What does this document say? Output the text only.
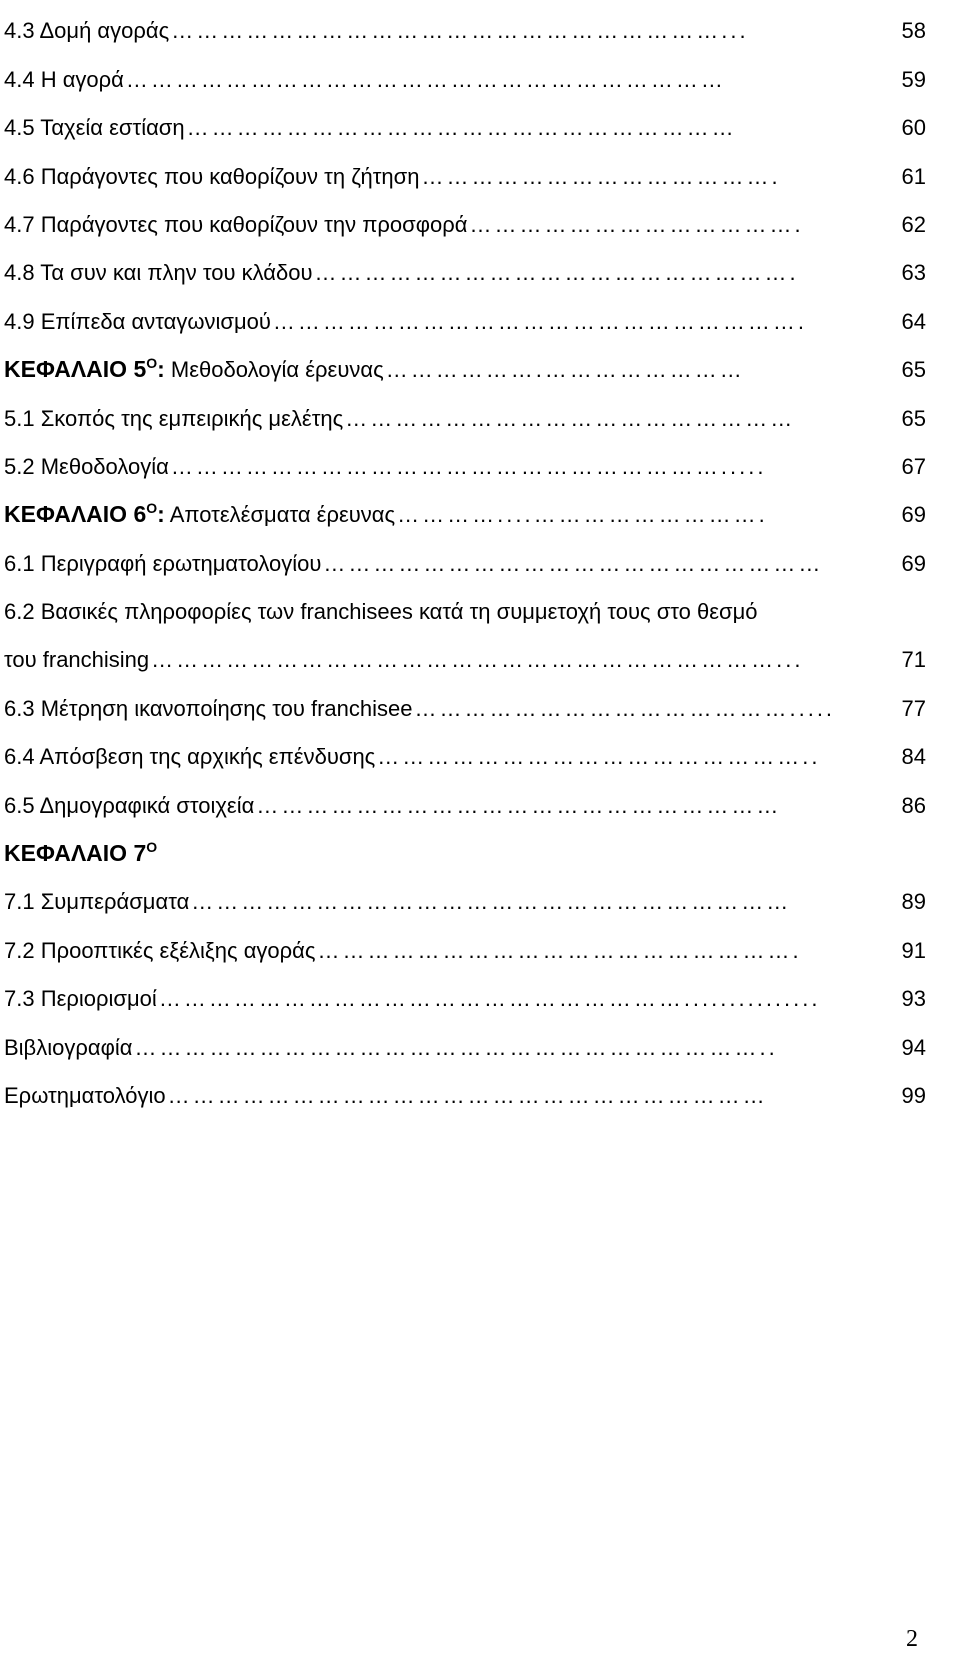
4.3 Δομή αγοράς …………………………………………………………...	58
4.4 Η αγορά ………………………………………………………………	59
4.5 Ταχεία εστίαση …………………………………………………………	60
4.6 Παράγοντες που καθορίζουν τη ζήτηση …………………………………….	61
4.7 Παράγοντες που καθορίζουν την προσφορά ………………………………….	62
4.8 Τα συν και πλην του κλάδου ………………………………………………….	63
4.9 Επίπεδα ανταγωνισμού ……………………………………………………….	64
ΚΕΦΑΛΑΙΟ $5^O$: Μεθοδολογία έρευνας ……………….……………………	65
5.1 Σκοπός της εμπειρικής μελέτης ………………………………………………	65
5.2 Μεθοδολογία ………………………………………………………….....	67
ΚΕΦΑΛΑΙΟ $6^O$: Αποτελέσματα έρευνας …………....……………………….	69
6.1 Περιγραφή ερωτηματολογίου ……………………………………………………	69
6.2 Βασικές πληροφορίες των franchisees κατά τη συμμετοχή τους στο θεσμό
του franchising …………………………………………………………………...	71
6.3 Μέτρηση ικανοποίησης του franchisee ……………………………………….....	77
6.4 Απόσβεση της αρχικής επένδυσης ……………………………………………..	84
6.5 Δημογραφικά στοιχεία ………………………………………………………	86
ΚΕΦΑΛΑΙΟ $7^O$
7.1 Συμπεράσματα ………………………………………………………………	89
7.2 Προοπτικές εξέλιξης αγοράς ………………………………………………….	91
7.3 Περιορισμοί ………………………………………………………...............	93
Βιβλιογραφία …………………………………………………………………..	94
Ερωτηματολόγιο ………………………………………………………………	99
2
